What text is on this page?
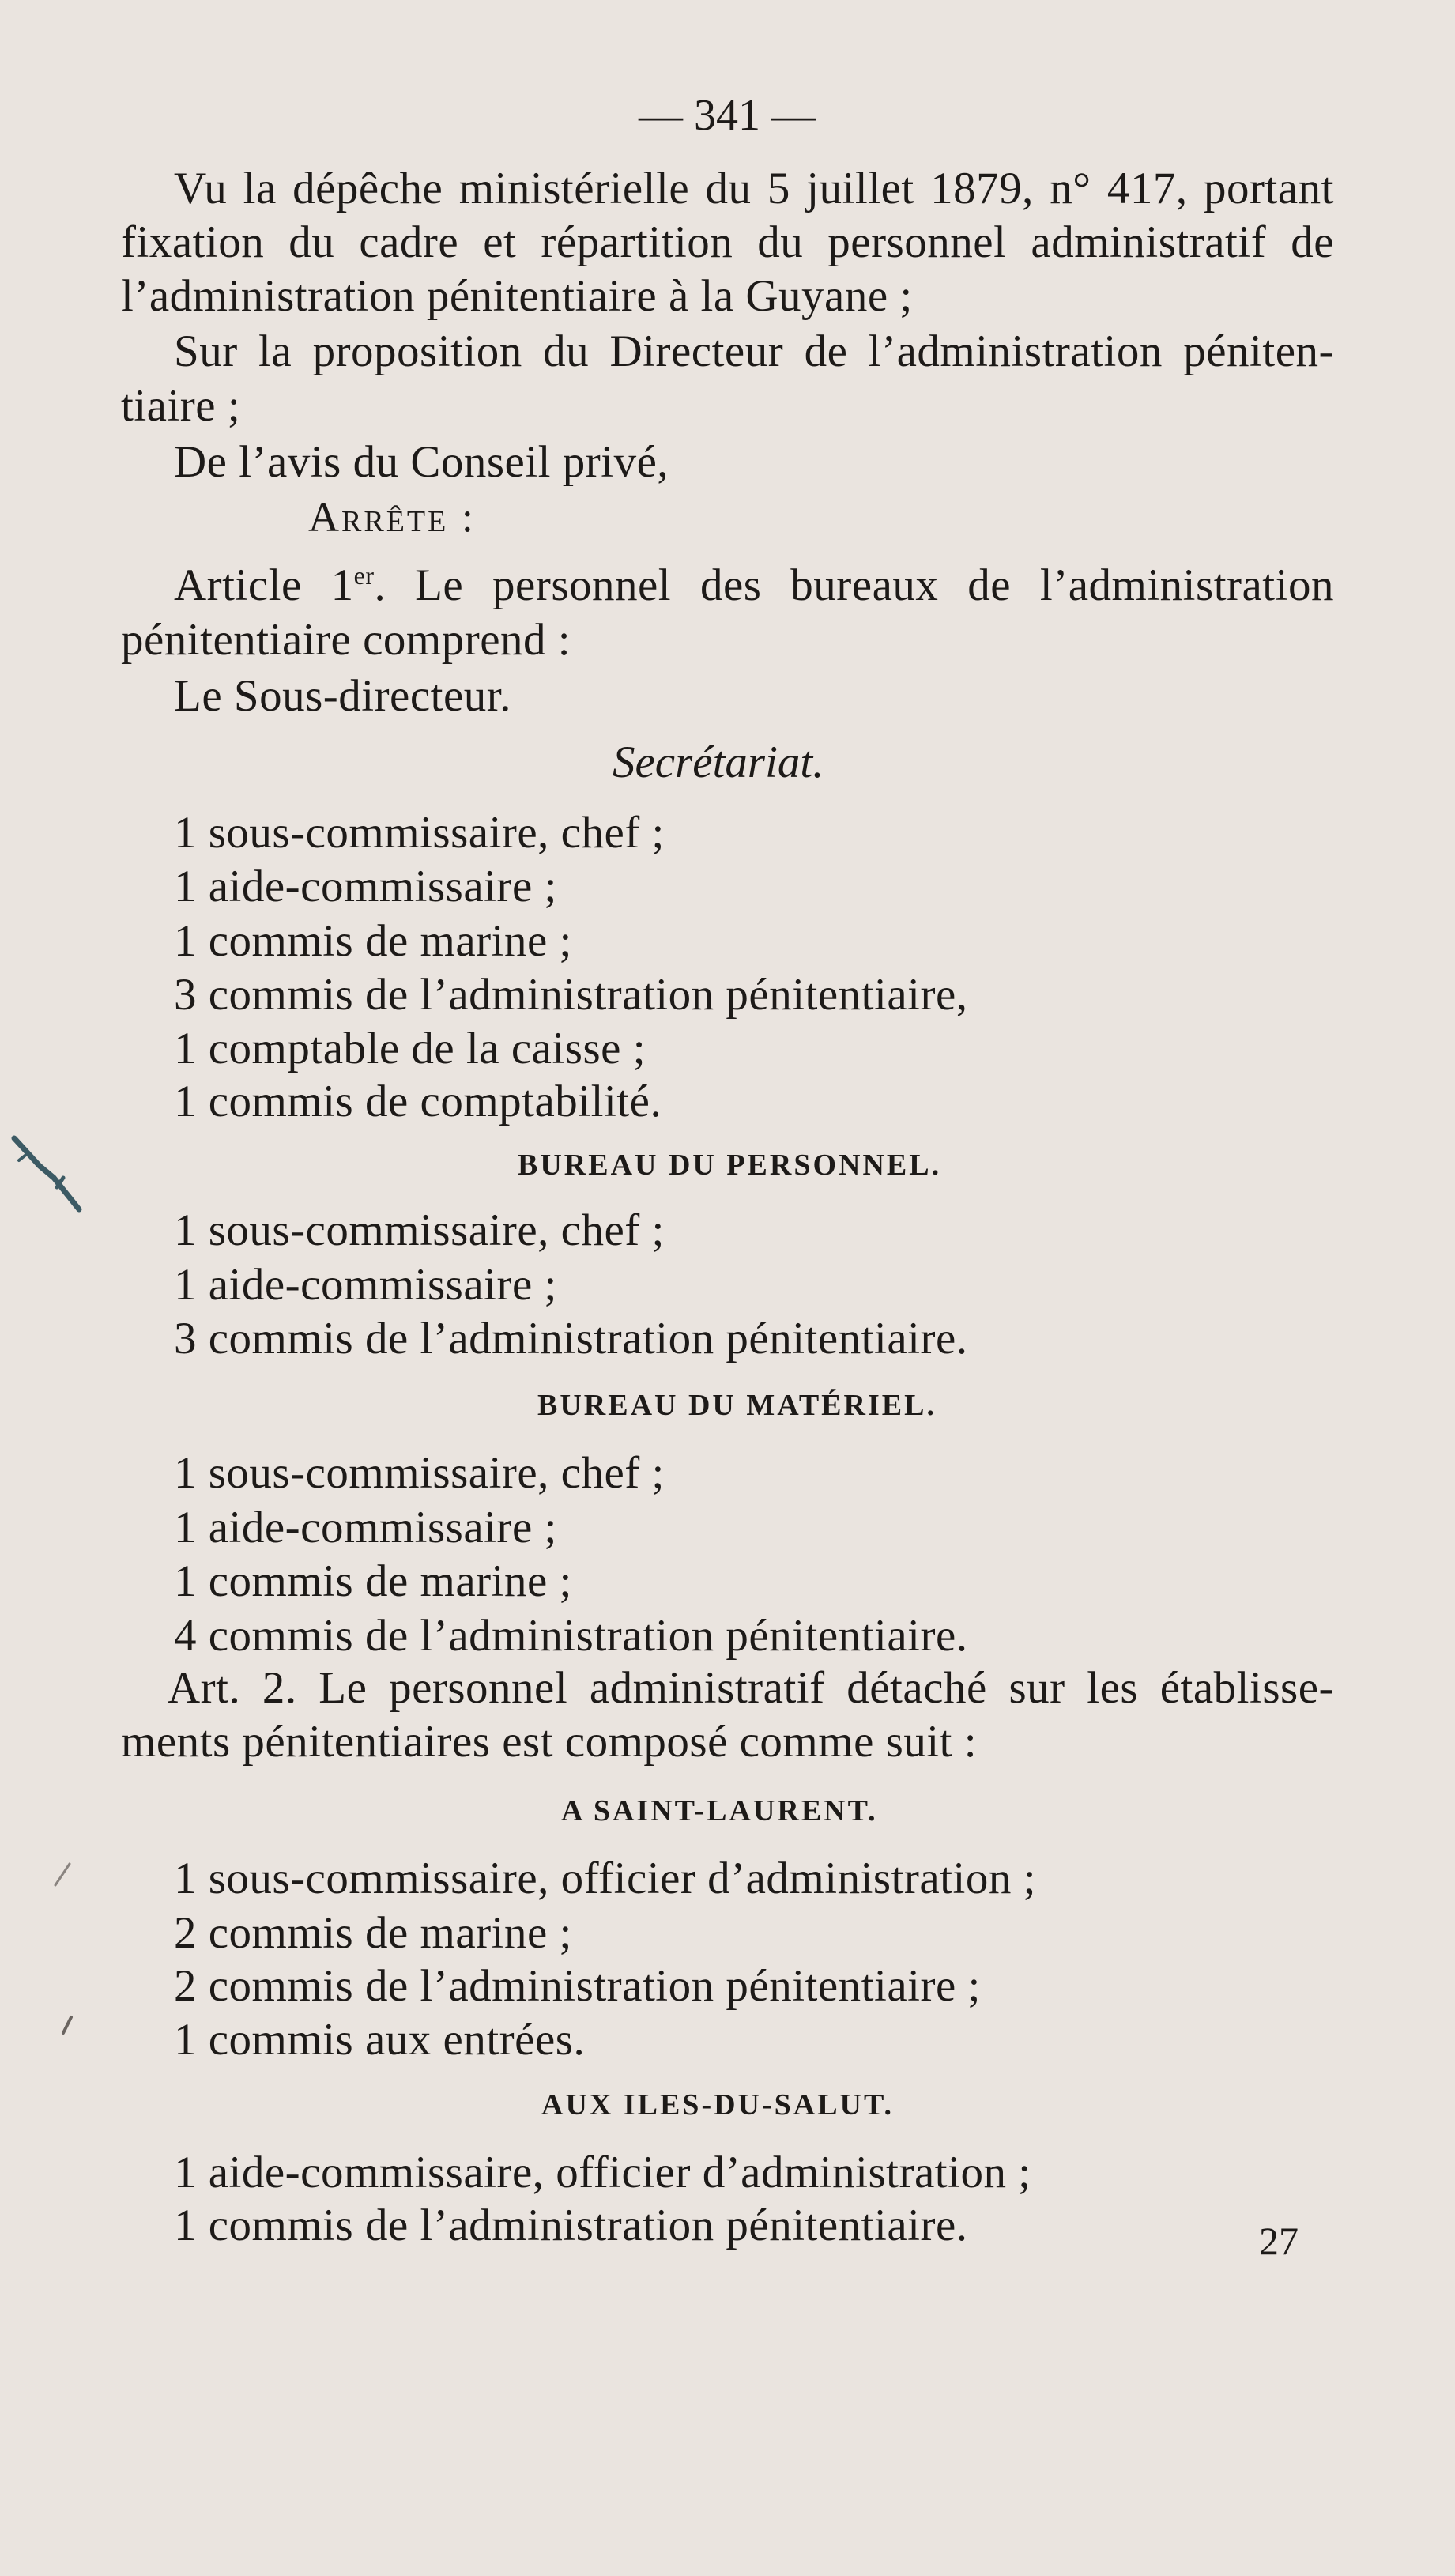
— 341 —
Vu la dépêche ministérielle du 5 juillet 1879, n° 417, portant
fixation du cadre et répartition du personnel administratif de
l’administration pénitentiaire à la Guyane ;
Sur la proposition du Directeur de l’administration péniten-
tiaire ;
De l’avis du Conseil privé,
Arrête :
Article 1er. Le personnel des bureaux de l’administration
pénitentiaire comprend :
Le Sous-directeur.
Secrétariat.
1 sous-commissaire, chef ;
1 aide-commissaire ;
1 commis de marine ;
3 commis de l’administration pénitentiaire,
1 comptable de la caisse ;
1 commis de comptabilité.
BUREAU DU PERSONNEL.
1 sous-commissaire, chef ;
1 aide-commissaire ;
3 commis de l’administration pénitentiaire.
BUREAU DU MATÉRIEL.
1 sous-commissaire, chef ;
1 aide-commissaire ;
1 commis de marine ;
4 commis de l’administration pénitentiaire.
Art. 2. Le personnel administratif détaché sur les établisse-
ments pénitentiaires est composé comme suit :
A SAINT-LAURENT.
1 sous-commissaire, officier d’administration ;
2 commis de marine ;
2 commis de l’administration pénitentiaire ;
1 commis aux entrées.
AUX ILES-DU-SALUT.
1 aide-commissaire, officier d’administration ;
1 commis de l’administration pénitentiaire.	27
